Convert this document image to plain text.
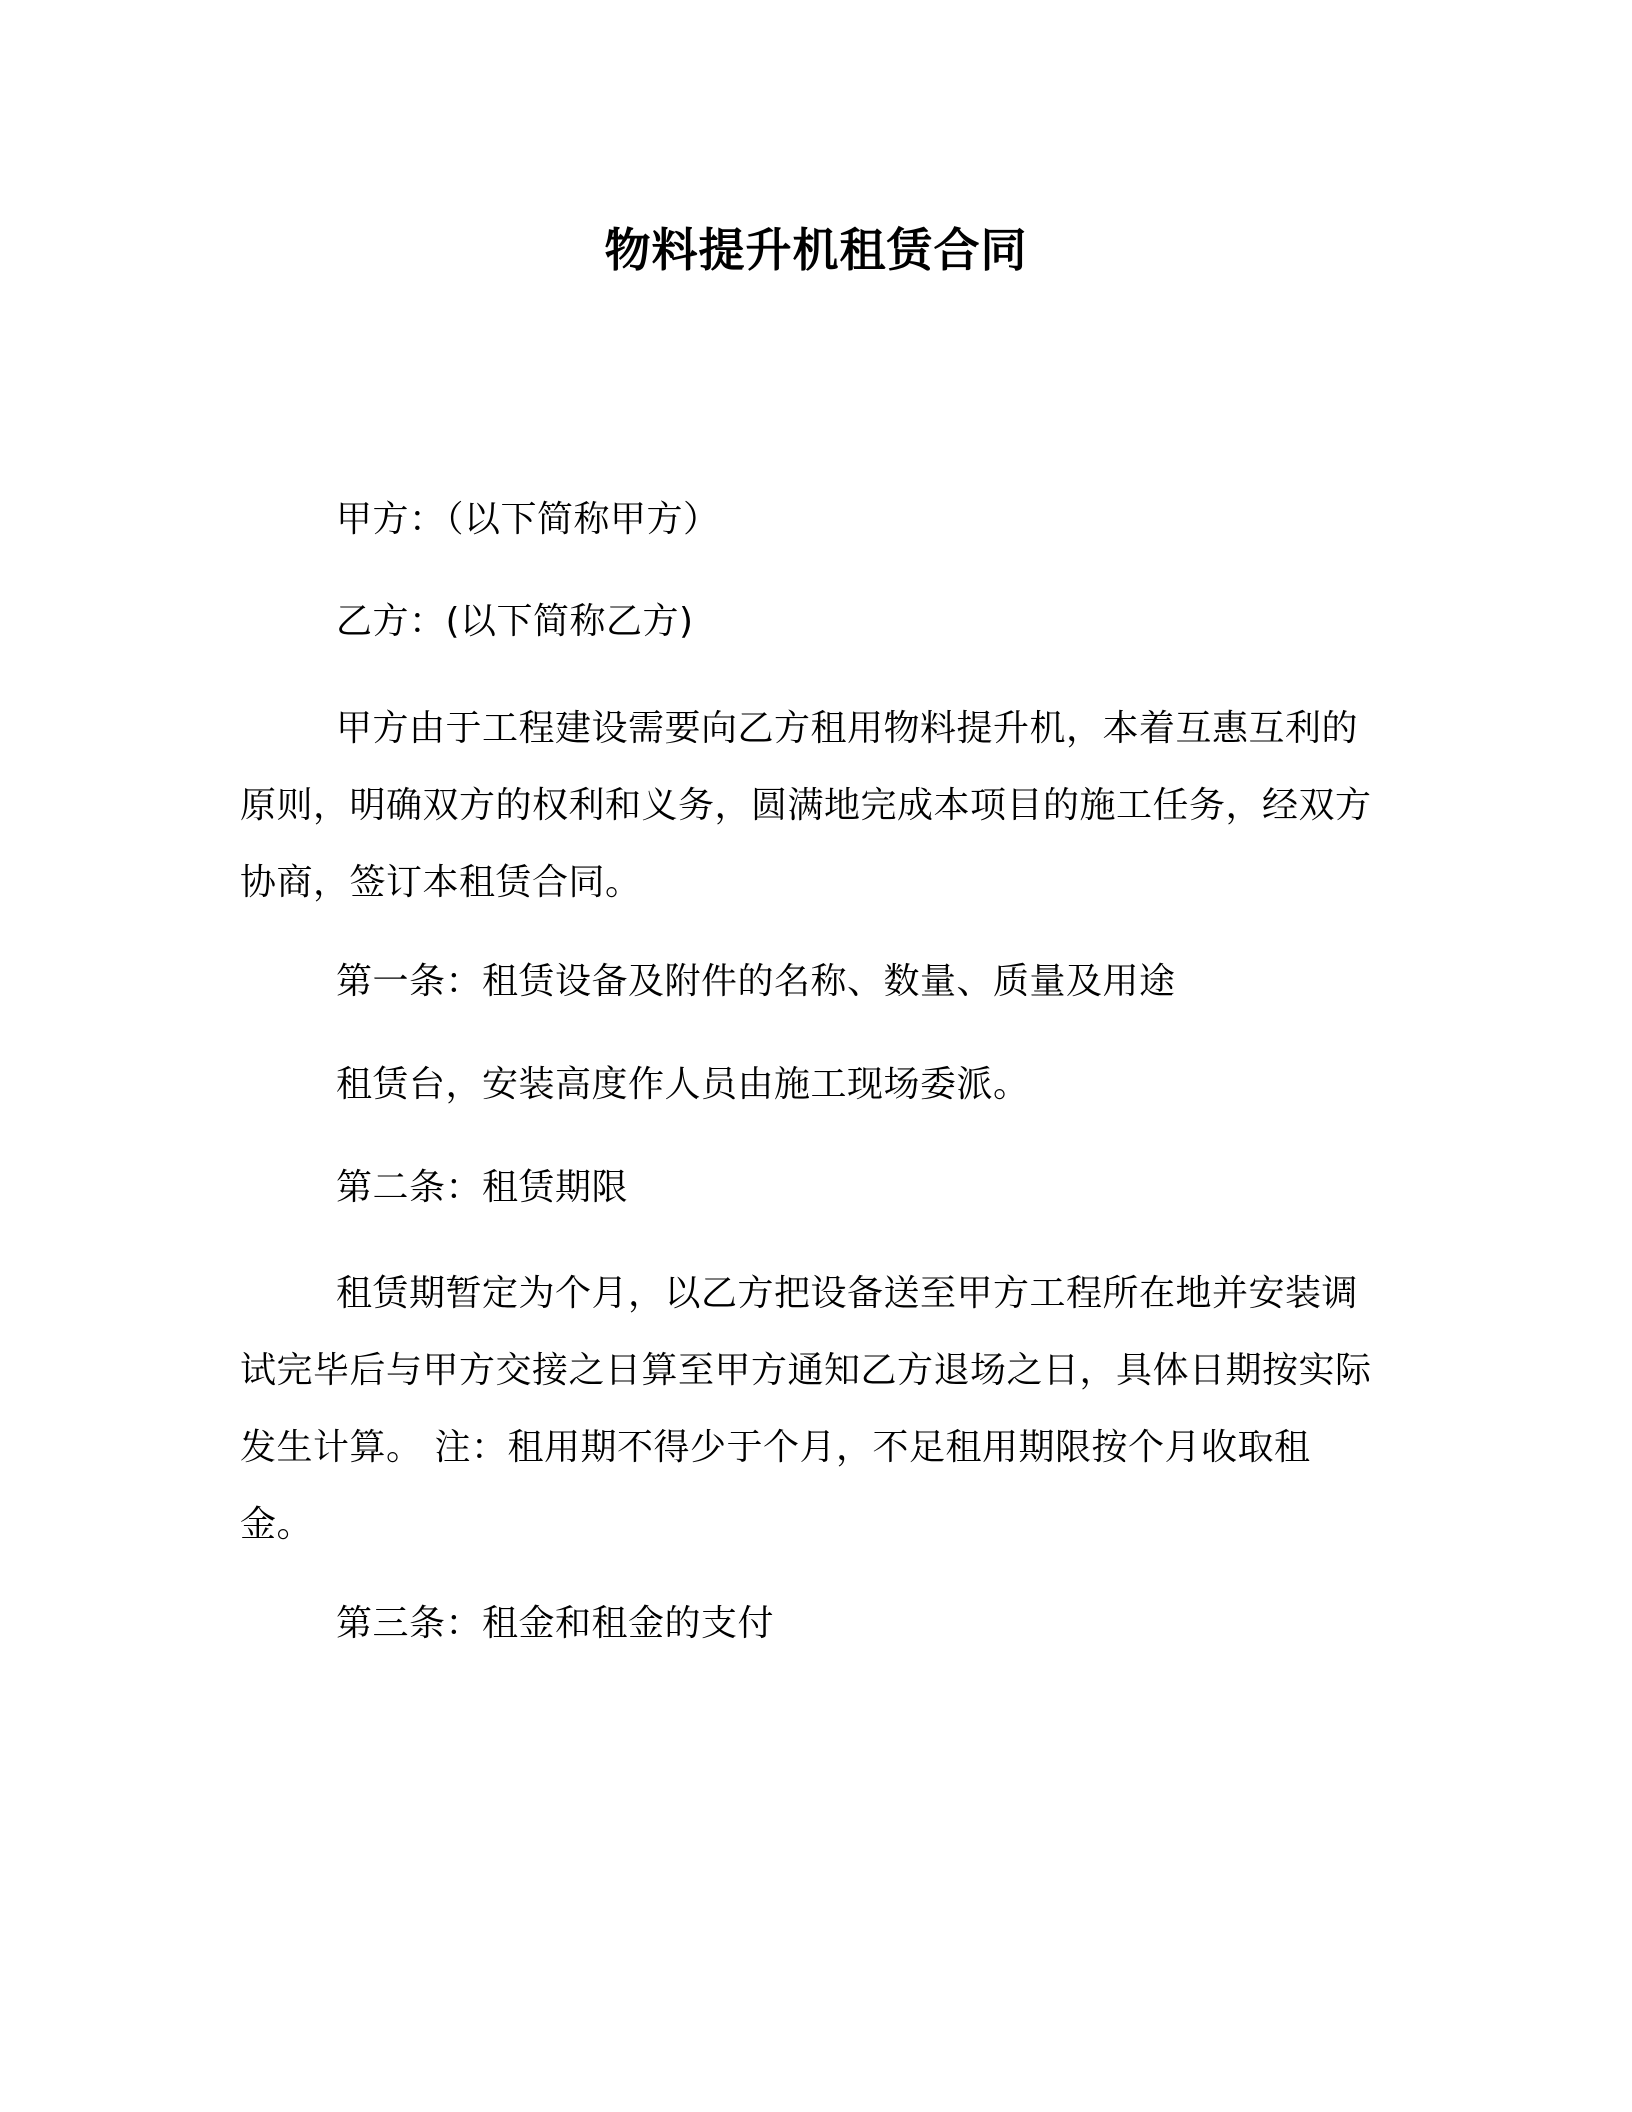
物料提升机租赁合同
甲方：（以下简称甲方）
乙方：(以下简称乙方)

甲方由于工程建设需要向乙方租用物料提升机，本着互惠互利的原则，明确双方的权利和义务，圆满地完成本项目的施工任务，经双方协商，签订本租赁合同。

第一条：租赁设备及附件的名称、数量、质量及用途
租赁台，安装高度作人员由施工现场委派。
第二条：租赁期限

租赁期暂定为个月，以乙方把设备送至甲方工程所在地并安装调试完毕后与甲方交接之日算至甲方通知乙方退场之日，具体日期按实际发生计算。 注：租用期不得少于个月，不足租用期限按个月收取租金。

第三条：租金和租金的支付
